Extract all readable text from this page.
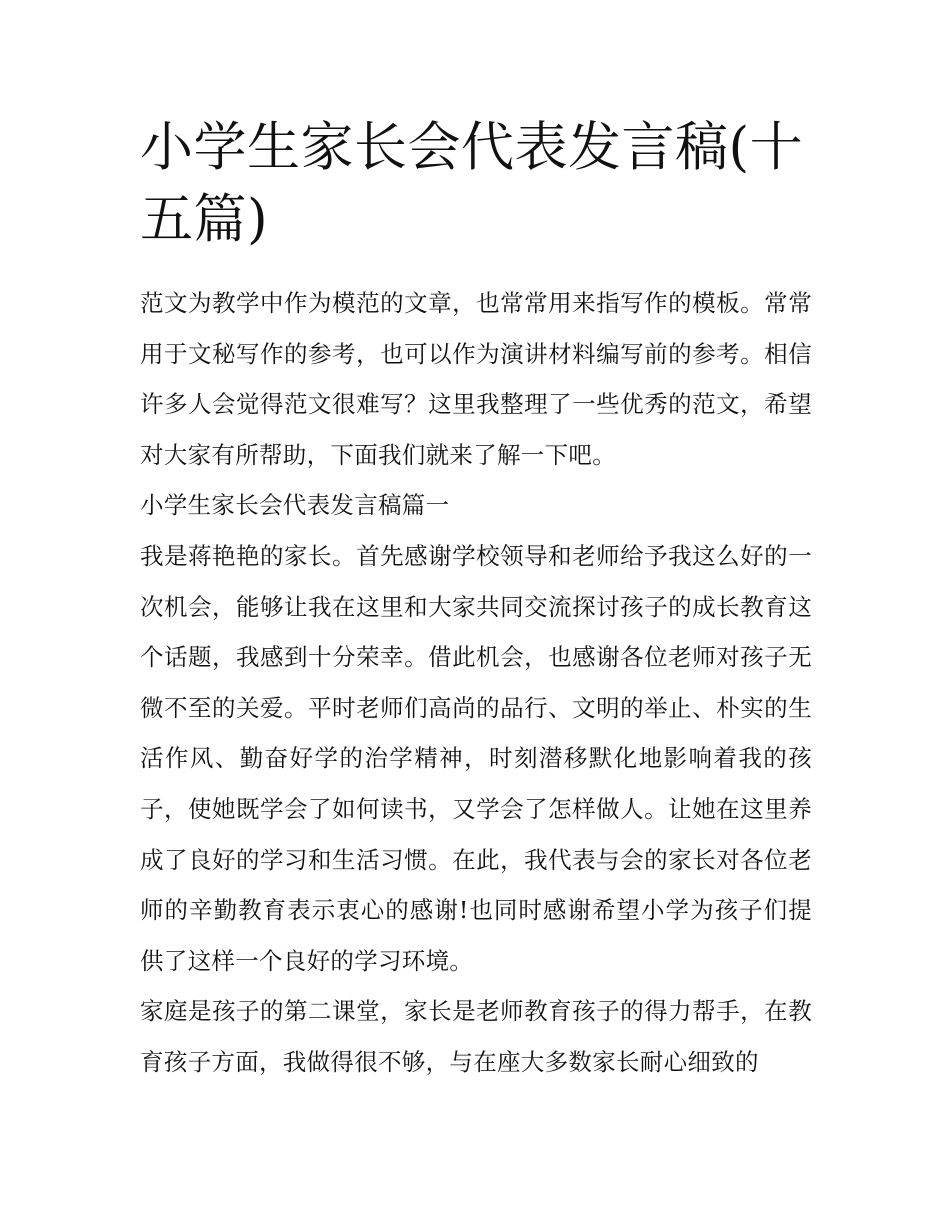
小学生家长会代表发言稿(十五篇)

范文为教学中作为模范的文章，也常常用来指写作的模板。常常用于文秘写作的参考，也可以作为演讲材料编写前的参考。相信许多人会觉得范文很难写？这里我整理了一些优秀的范文，希望对大家有所帮助，下面我们就来了解一下吧。

小学生家长会代表发言稿篇一

我是蒋艳艳的家长。首先感谢学校领导和老师给予我这么好的一次机会，能够让我在这里和大家共同交流探讨孩子的成长教育这个话题，我感到十分荣幸。借此机会，也感谢各位老师对孩子无微不至的关爱。平时老师们高尚的品行、文明的举止、朴实的生活作风、勤奋好学的治学精神，时刻潜移默化地影响着我的孩子，使她既学会了如何读书，又学会了怎样做人。让她在这里养成了良好的学习和生活习惯。在此，我代表与会的家长对各位老师的辛勤教育表示衷心的感谢!也同时感谢希望小学为孩子们提供了这样一个良好的学习环境。

家庭是孩子的第二课堂，家长是老师教育孩子的得力帮手，在教育孩子方面，我做得很不够，与在座大多数家长耐心细致的
